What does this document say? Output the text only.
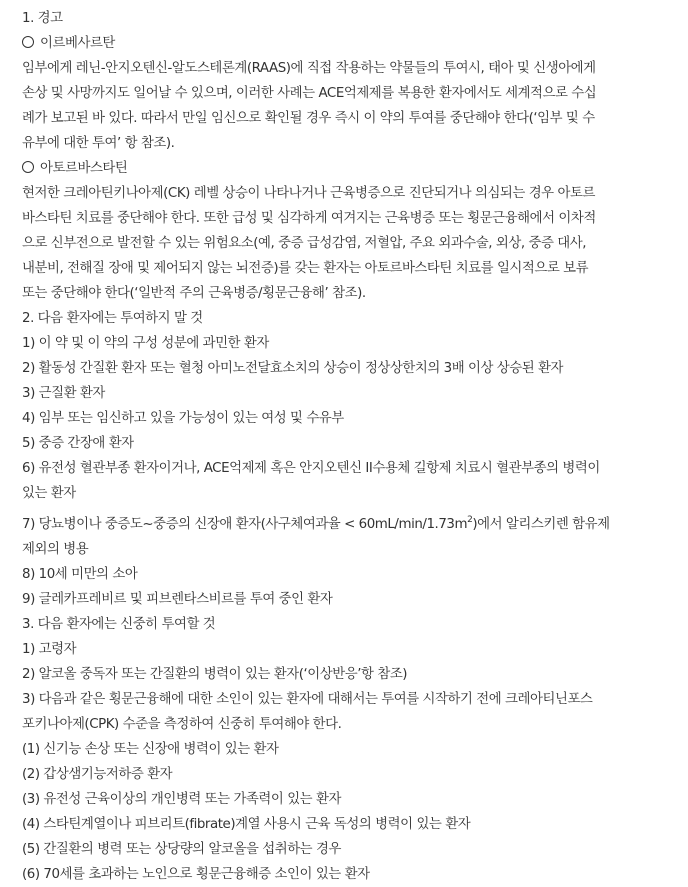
1. 경고
이르베사르탄
임부에게 레닌-안지오텐신-알도스테론계(RAAS)에 직접 작용하는 약물들의 투여시, 태아 및 신생아에게
손상 및 사망까지도 일어날 수 있으며, 이러한 사례는 ACE억제제를 복용한 환자에서도 세계적으로 수십
례가 보고된 바 있다. 따라서 만일 임신으로 확인될 경우 즉시 이 약의 투여를 중단해야 한다(‘임부 및 수
유부에 대한 투여’ 항 참조).
아토르바스타틴
현저한 크레아틴키나아제(CK) 레벨 상승이 나타나거나 근육병증으로 진단되거나 의심되는 경우 아토르
바스타틴 치료를 중단해야 한다. 또한 급성 및 심각하게 여겨지는 근육병증 또는 횡문근융해에서 이차적
으로 신부전으로 발전할 수 있는 위험요소(예, 중증 급성감염, 저혈압, 주요 외과수술, 외상, 중증 대사,
내분비, 전해질 장애 및 제어되지 않는 뇌전증)를 갖는 환자는 아토르바스타틴 치료를 일시적으로 보류
또는 중단해야 한다(‘일반적 주의 근육병증/횡문근융해’ 참조).
2. 다음 환자에는 투여하지 말 것
1) 이 약 및 이 약의 구성 성분에 과민한 환자
2) 활동성 간질환 환자 또는 혈청 아미노전달효소치의 상승이 정상상한치의 3배 이상 상승된 환자
3) 근질환 환자
4) 임부 또는 임신하고 있을 가능성이 있는 여성 및 수유부
5) 중증 간장애 환자
6) 유전성 혈관부종 환자이거나, ACE억제제 혹은 안지오텐신 II수용체 길항제 치료시 혈관부종의 병력이
있는 환자
7) 당뇨병이나 중증도~중증의 신장애 환자(사구체여과율 < $60mL/\min/1.73m^2$)에서 알리스키렌 함유제
제외의 병용
8) 10세 미만의 소아
9) 글레카프레비르 및 피브렌타스비르를 투여 중인 환자
3. 다음 환자에는 신중히 투여할 것
1) 고령자
2) 알코올 중독자 또는 간질환의 병력이 있는 환자(‘이상반응’항 참조)
3) 다음과 같은 횡문근융해에 대한 소인이 있는 환자에 대해서는 투여를 시작하기 전에 크레아티닌포스
포키나아제(CPK) 수준을 측정하여 신중히 투여해야 한다.
(1) 신기능 손상 또는 신장애 병력이 있는 환자
(2) 갑상샘기능저하증 환자
(3) 유전성 근육이상의 개인병력 또는 가족력이 있는 환자
(4) 스타틴계열이나 피브리트(fibrate)계열 사용시 근육 독성의 병력이 있는 환자
(5) 간질환의 병력 또는 상당량의 알코올을 섭취하는 경우
(6) 70세를 초과하는 노인으로 횡문근융해증 소인이 있는 환자
